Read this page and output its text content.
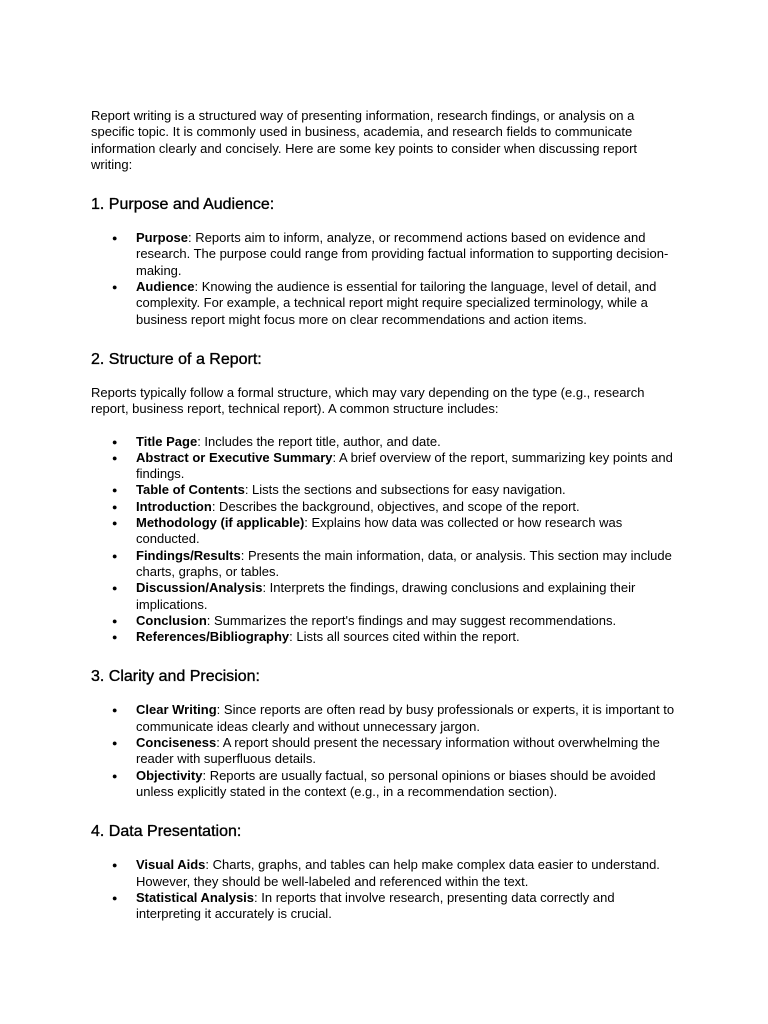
Report writing is a structured way of presenting information, research findings, or analysis on a specific topic. It is commonly used in business, academia, and research fields to communicate information clearly and concisely. Here are some key points to consider when discussing report writing:

1. Purpose and Audience:
● Purpose: Reports aim to inform, analyze, or recommend actions based on evidence and research. The purpose could range from providing factual information to supporting decision-making.
● Audience: Knowing the audience is essential for tailoring the language, level of detail, and complexity. For example, a technical report might require specialized terminology, while a business report might focus more on clear recommendations and action items.
2. Structure of a Report:

Reports typically follow a formal structure, which may vary depending on the type (e.g., research report, business report, technical report). A common structure includes:

● Title Page: Includes the report title, author, and date.
● Abstract or Executive Summary: A brief overview of the report, summarizing key points and findings.
● Table of Contents: Lists the sections and subsections for easy navigation.
● Introduction: Describes the background, objectives, and scope of the report.
● Methodology (if applicable): Explains how data was collected or how research was conducted.
● Findings/Results: Presents the main information, data, or analysis. This section may include charts, graphs, or tables.
● Discussion/Analysis: Interprets the findings, drawing conclusions and explaining their implications.
● Conclusion: Summarizes the report's findings and may suggest recommendations.
● References/Bibliography: Lists all sources cited within the report.
3. Clarity and Precision:
● Clear Writing: Since reports are often read by busy professionals or experts, it is important to communicate ideas clearly and without unnecessary jargon.
● Conciseness: A report should present the necessary information without overwhelming the reader with superfluous details.
● Objectivity: Reports are usually factual, so personal opinions or biases should be avoided unless explicitly stated in the context (e.g., in a recommendation section).
4. Data Presentation:
● Visual Aids: Charts, graphs, and tables can help make complex data easier to understand. However, they should be well-labeled and referenced within the text.
● Statistical Analysis: In reports that involve research, presenting data correctly and interpreting it accurately is crucial.
